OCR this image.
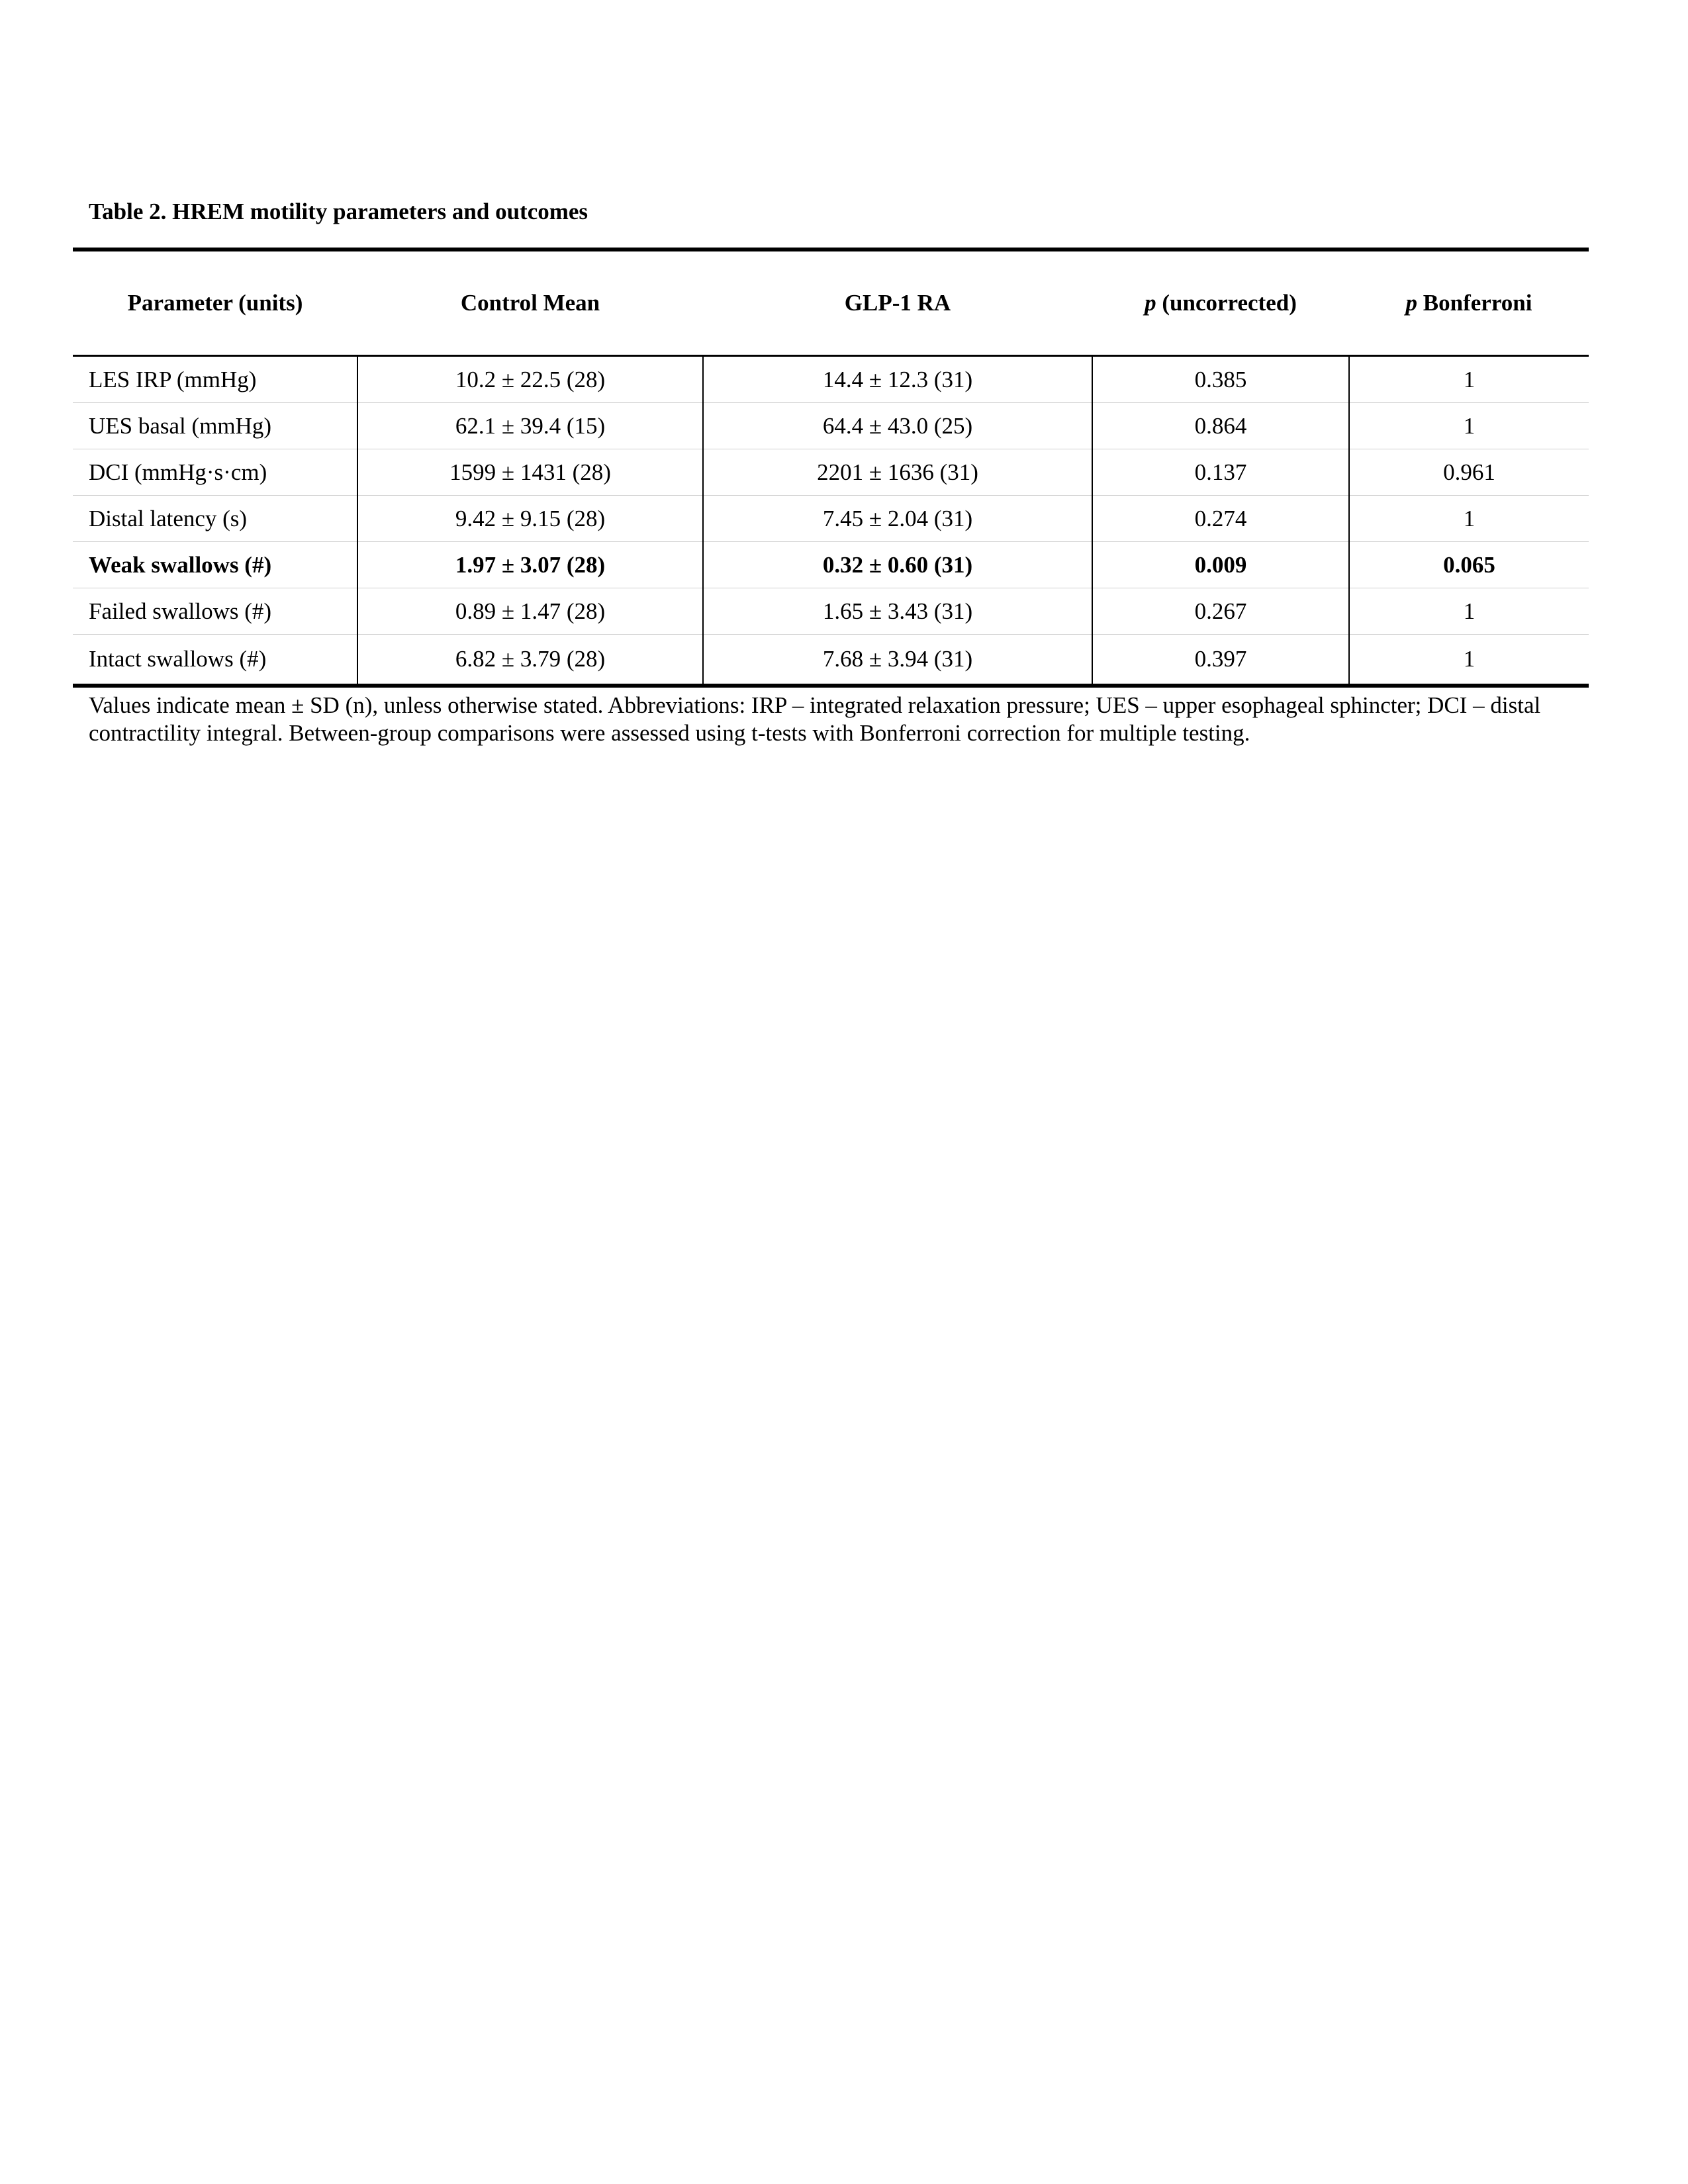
Table 2. HREM motility parameters and outcomes
Parameter (units)	Control Mean	GLP-1 RA	p (uncorrected)	p Bonferroni
LES IRP (mmHg)	10.2 ± 22.5 (28)	14.4 ± 12.3 (31)	0.385	1
UES basal (mmHg)	62.1 ± 39.4 (15)	64.4 ± 43.0 (25)	0.864	1
DCI (mmHg·s·cm)	1599 ± 1431 (28)	2201 ± 1636 (31)	0.137	0.961
Distal latency (s)	9.42 ± 9.15 (28)	7.45 ± 2.04 (31)	0.274	1
Weak swallows (#)	1.97 ± 3.07 (28)	0.32 ± 0.60 (31)	0.009	0.065
Failed swallows (#)	0.89 ± 1.47 (28)	1.65 ± 3.43 (31)	0.267	1
Intact swallows (#)	6.82 ± 3.79 (28)	7.68 ± 3.94 (31)	0.397	1
Values indicate mean ± SD (n), unless otherwise stated. Abbreviations: IRP – integrated relaxation pressure; UES – upper esophageal sphincter; DCI – distal contractility integral. Between-group comparisons were assessed using t-tests with Bonferroni correction for multiple testing.
